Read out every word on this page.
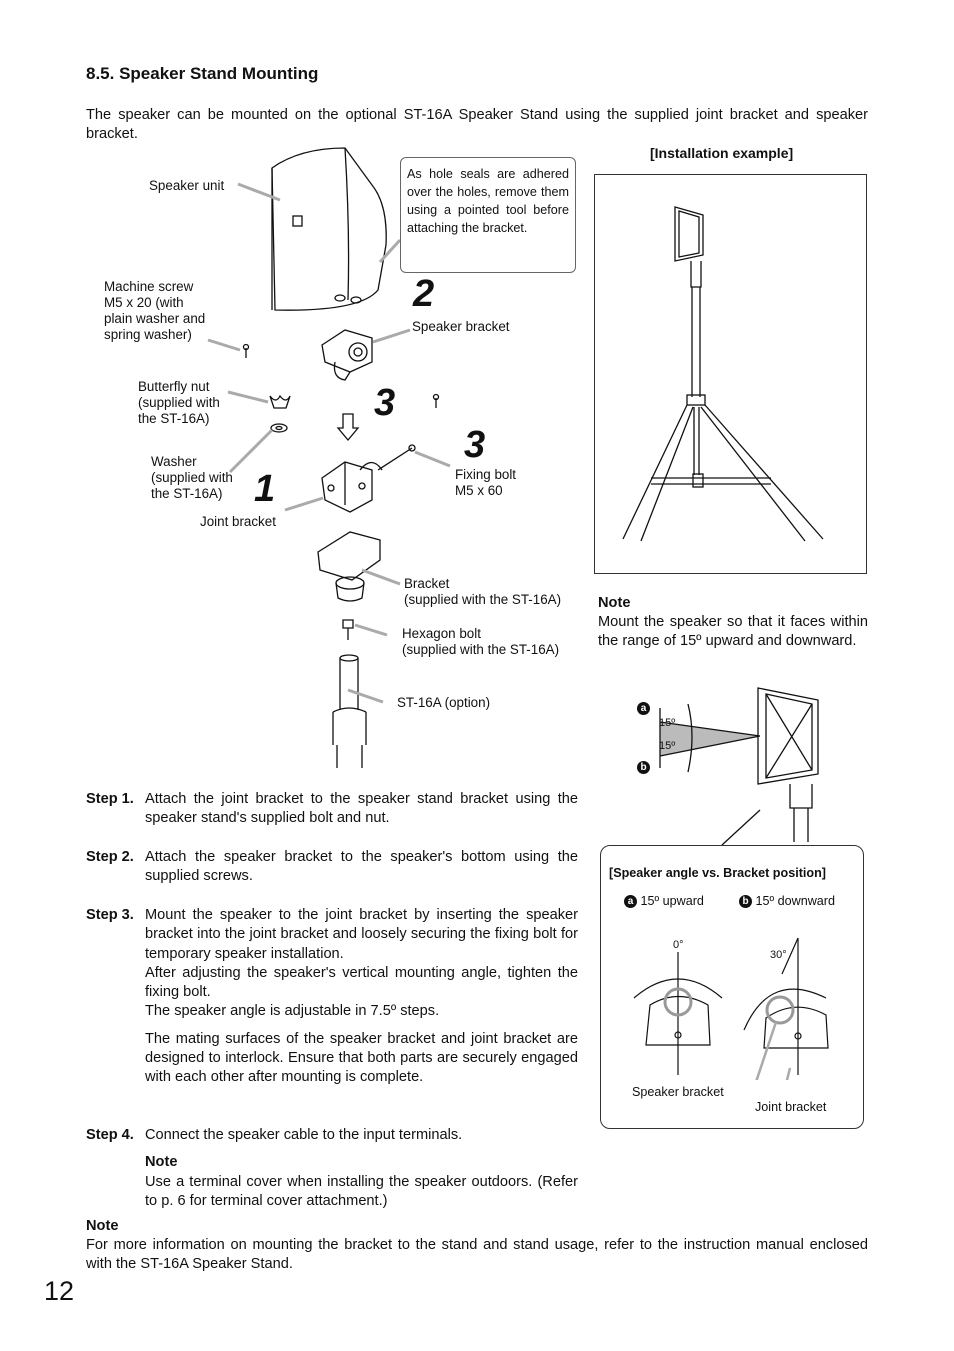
8.5. Speaker Stand Mounting
The speaker can be mounted on the optional ST-16A Speaker Stand using the supplied joint bracket and speaker bracket.
Speaker unit
As hole seals are adhered over the holes, remove them using a pointed tool before attaching the bracket.
Machine screw
M5 x 20 (with
plain washer and
spring washer)
Speaker bracket
Butterfly nut
(supplied with
the ST-16A)
Washer
(supplied with
the ST-16A)
Fixing bolt
M5 x 60
Joint bracket
Bracket
(supplied with the ST-16A)
Hexagon bolt
(supplied with the ST-16A)
ST-16A (option)
1
2
3
3
[Installation example]
Note
Mount the speaker so that it faces within the range of 15º upward and downward.
a
b
15º
15º
[Speaker angle vs. Bracket position]
a 15º upward	b 15º downward
0°
30°
Speaker bracket
Joint bracket
Step 1. Attach the joint bracket to the speaker stand bracket using the speaker stand's supplied bolt and nut.

Step 2. Attach the speaker bracket to the speaker's bottom using the supplied screws.

Step 3. Mount the speaker to the joint bracket by inserting the speaker bracket into the joint bracket and loosely securing the fixing bolt for temporary speaker installation.
After adjusting the speaker's vertical mounting angle, tighten the fixing bolt.
The speaker angle is adjustable in 7.5º steps.

The mating surfaces of the speaker bracket and joint bracket are designed to interlock. Ensure that both parts are securely engaged with each other after mounting is complete.

Step 4. Connect the speaker cable to the input terminals.

Note
Use a terminal cover when installing the speaker outdoors. (Refer to p. 6 for terminal cover attachment.)

Note
For more information on mounting the bracket to the stand and stand usage, refer to the instruction manual enclosed with the ST-16A Speaker Stand.
12
